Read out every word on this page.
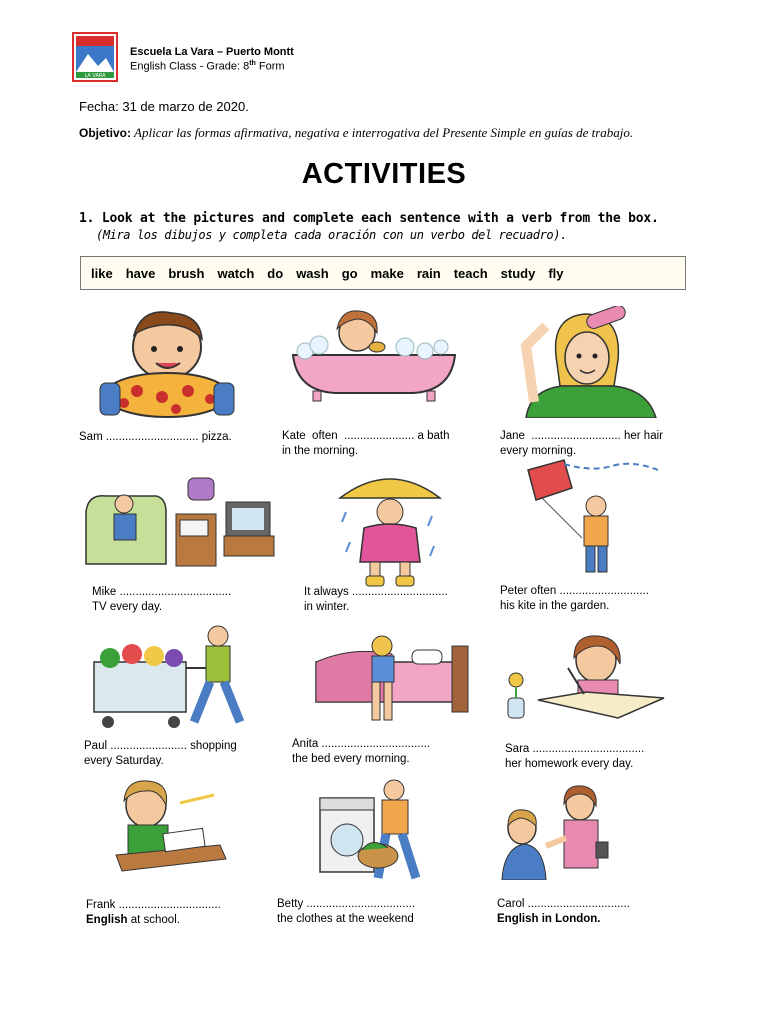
LA VARA
Escuela La Vara – Puerto Montt
English Class - Grade: 8th Form
Fecha: 31 de marzo de 2020.
Objetivo: Aplicar las formas afirmativa, negativa e interrogativa del Presente Simple en guías de trabajo.
ACTIVITIES
1. Look at the pictures and complete each sentence with a verb from the box.
(Mira los dibujos y completa cada oración con un verbo del recuadro).
like have brush watch do wash go make rain teach study fly
Sam ............................. pizza.	Kate  often  ...................... a bath
in the morning.
Jane  ............................ her hair
every morning.
Mike ...................................
TV every day.
It always ..............................
in winter.
Peter often ............................
his kite in the garden.
Paul ........................ shopping
every Saturday.
Anita ..................................
the bed every morning.
Sara ...................................
her homework every day.
Frank ................................
English at school.
Betty ..................................
the clothes at the weekend
Carol ................................
English in London.
